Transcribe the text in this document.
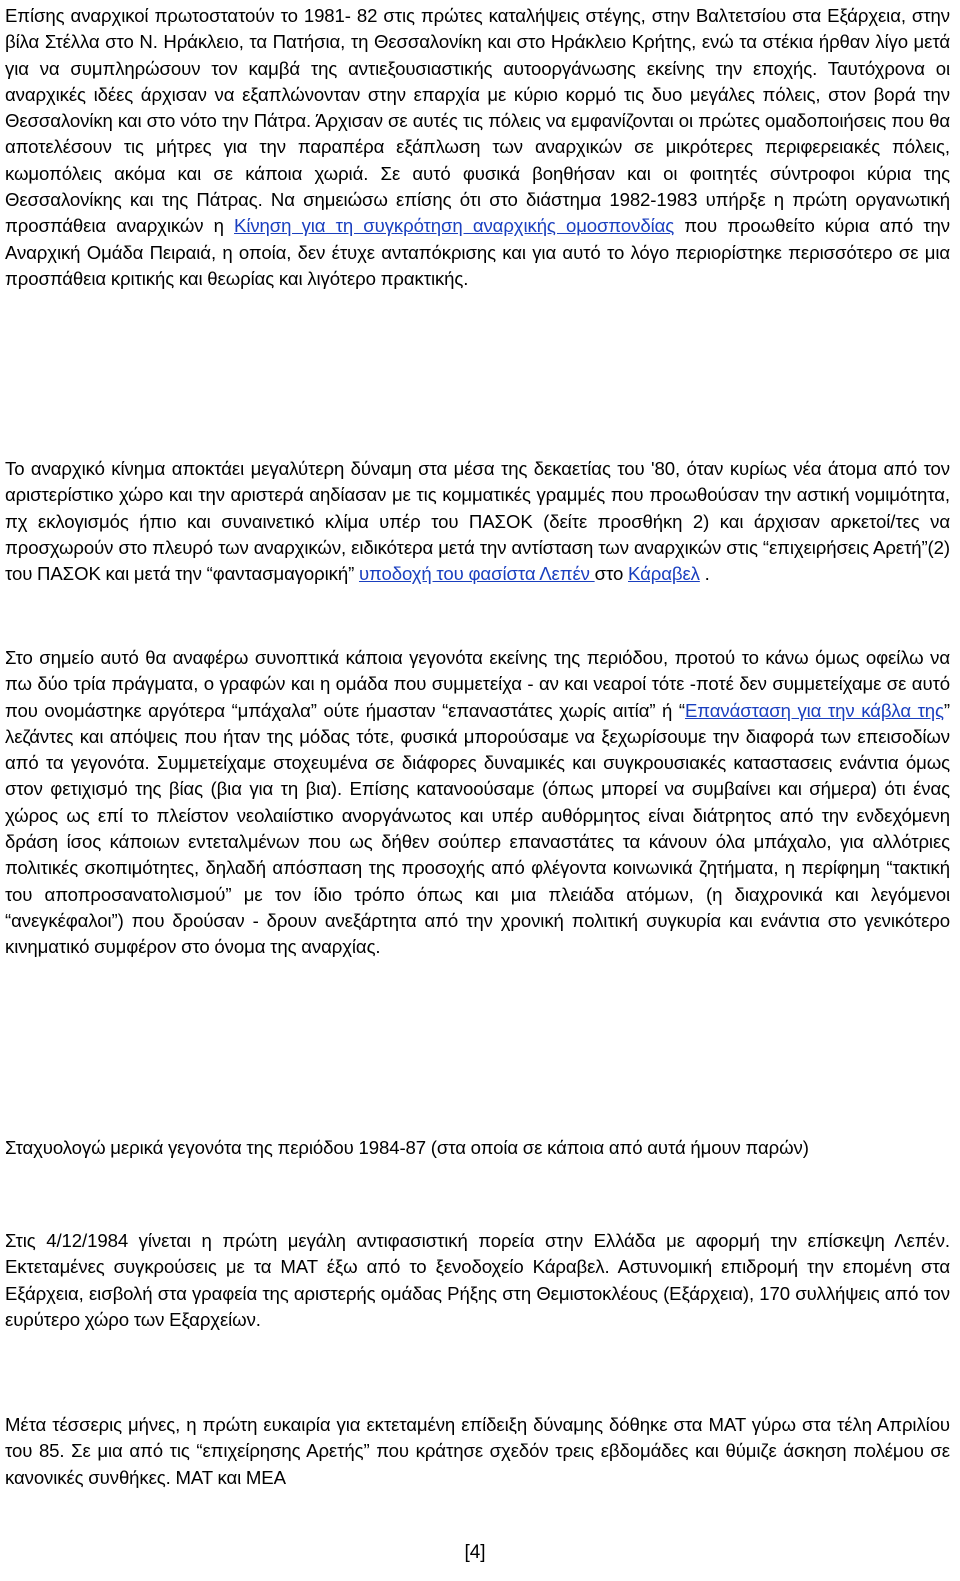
Επίσης αναρχικοί πρωτοστατούν το 1981- 82 στις πρώτες καταλήψεις στέγης, στην Βαλτετσίου στα Εξάρχεια, στην βίλα Στέλλα στο Ν. Ηράκλειο, τα Πατήσια, τη Θεσσαλονίκη και στο Ηράκλειο Κρήτης, ενώ τα στέκια ήρθαν λίγο μετά για να συμπληρώσουν τον καμβά της αντιεξουσιαστικής αυτοοργάνωσης εκείνης την εποχής. Ταυτόχρονα οι αναρχικές ιδέες άρχισαν να εξαπλώνονταν στην επαρχία με κύριο κορμό τις δυο μεγάλες πόλεις, στον βορά την Θεσσαλονίκη και στο νότο την Πάτρα. Άρχισαν σε αυτές τις πόλεις να εμφανίζονται οι πρώτες ομαδοποιήσεις που θα αποτελέσουν τις μήτρες για την παραπέρα εξάπλωση των αναρχικών σε μικρότερες περιφερειακές πόλεις, κωμοπόλεις ακόμα και σε κάποια χωριά. Σε αυτό φυσικά βοηθήσαν και οι φοιτητές σύντροφοι κύρια της Θεσσαλονίκης και της Πάτρας. Να σημειώσω επίσης ότι στο διάστημα 1982-1983 υπήρξε η πρώτη οργανωτική προσπάθεια αναρχικών η Κίνηση για τη συγκρότηση αναρχικής ομοσπονδίας που προωθείτο κύρια από την Αναρχική Ομάδα Πειραιά, η οποία, δεν έτυχε ανταπόκρισης και για αυτό το λόγο περιορίστηκε περισσότερο σε μια προσπάθεια κριτικής και θεωρίας και λιγότερο πρακτικής.

Το αναρχικό κίνημα αποκτάει μεγαλύτερη δύναμη στα μέσα της δεκαετίας του '80, όταν κυρίως νέα άτομα από τον αριστερίστικο χώρο και την αριστερά αηδίασαν με τις κομματικές γραμμές που προωθούσαν την αστική νομιμότητα, πχ εκλογισμός ήπιο και συναινετικό κλίμα υπέρ του ΠΑΣΟΚ (δείτε προσθήκη 2) και άρχισαν αρκετοί/τες να προσχωρούν στο πλευρό των αναρχικών, ειδικότερα μετά την αντίσταση των αναρχικών στις “επιχειρήσεις Αρετή”(2) του ΠΑΣΟΚ και μετά την “φαντασμαγορική” υποδοχή του φασίστα Λεπέν στο Κάραβελ .

Στο σημείο αυτό θα αναφέρω συνοπτικά κάποια γεγονότα εκείνης της περιόδου, προτού το κάνω όμως οφείλω να πω δύο τρία πράγματα, ο γραφών και η ομάδα που συμμετείχα - αν και νεαροί τότε -ποτέ δεν συμμετείχαμε σε αυτό που ονομάστηκε αργότερα “μπάχαλα” ούτε ήμασταν “επαναστάτες χωρίς αιτία” ή “Επανάσταση για την κάβλα της” λεζάντες και απόψεις που ήταν της μόδας τότε, φυσικά μπορούσαμε να ξεχωρίσουμε την διαφορά των επεισοδίων από τα γεγονότα. Συμμετείχαμε στοχευμένα σε διάφορες δυναμικές και συγκρουσιακές καταστασεις ενάντια όμως στον φετιχισμό της βίας (βια για τη βια). Επίσης κατανοούσαμε (όπως μπορεί να συμβαίνει και σήμερα) ότι ένας χώρος ως επί το πλείστον νεολαιίστικο ανοργάνωτος και υπέρ αυθόρμητος είναι διάτρητος από την ενδεχόμενη δράση ίσος κάποιων εντεταλμένων που ως δήθεν σούπερ επαναστάτες τα κάνουν όλα μπάχαλο, για αλλότριες πολιτικές σκοπιμότητες, δηλαδή απόσπαση της προσοχής από φλέγοντα κοινωνικά ζητήματα, η περίφημη “τακτική του αποπροσανατολισμού” με τον ίδιο τρόπο όπως και μια πλειάδα ατόμων, (η διαχρονικά και λεγόμενοι “ανεγκέφαλοι”) που δρούσαν - δρουν ανεξάρτητα από την χρονική πολιτική συγκυρία και ενάντια στο γενικότερο κινηματικό συμφέρον στο όνομα της αναρχίας.

Σταχυολογώ μερικά γεγονότα της περιόδου 1984-87 (στα οποία σε κάποια από αυτά ήμουν παρών)

Στις 4/12/1984 γίνεται η πρώτη μεγάλη αντιφασιστική πορεία στην Ελλάδα με αφορμή την επίσκεψη Λεπέν. Εκτεταμένες συγκρούσεις με τα ΜΑΤ έξω από το ξενοδοχείο Κάραβελ. Αστυνομική επιδρομή την επομένη στα Εξάρχεια, εισβολή στα γραφεία της αριστερής ομάδας Ρήξης στη Θεμιστοκλέους (Εξάρχεια), 170 συλλήψεις από τον ευρύτερο χώρο των Εξαρχείων.

Μέτα τέσσερις μήνες, η πρώτη ευκαιρία για εκτεταμένη επίδειξη δύναμης δόθηκε στα ΜΑΤ γύρω στα τέλη Απριλίου του 85. Σε μια από τις “επιχείρησης Αρετής” που κράτησε σχεδόν τρεις εβδομάδες και θύμιζε άσκηση πολέμου σε κανονικές συνθήκες. ΜΑΤ και ΜΕΑ

[4]
